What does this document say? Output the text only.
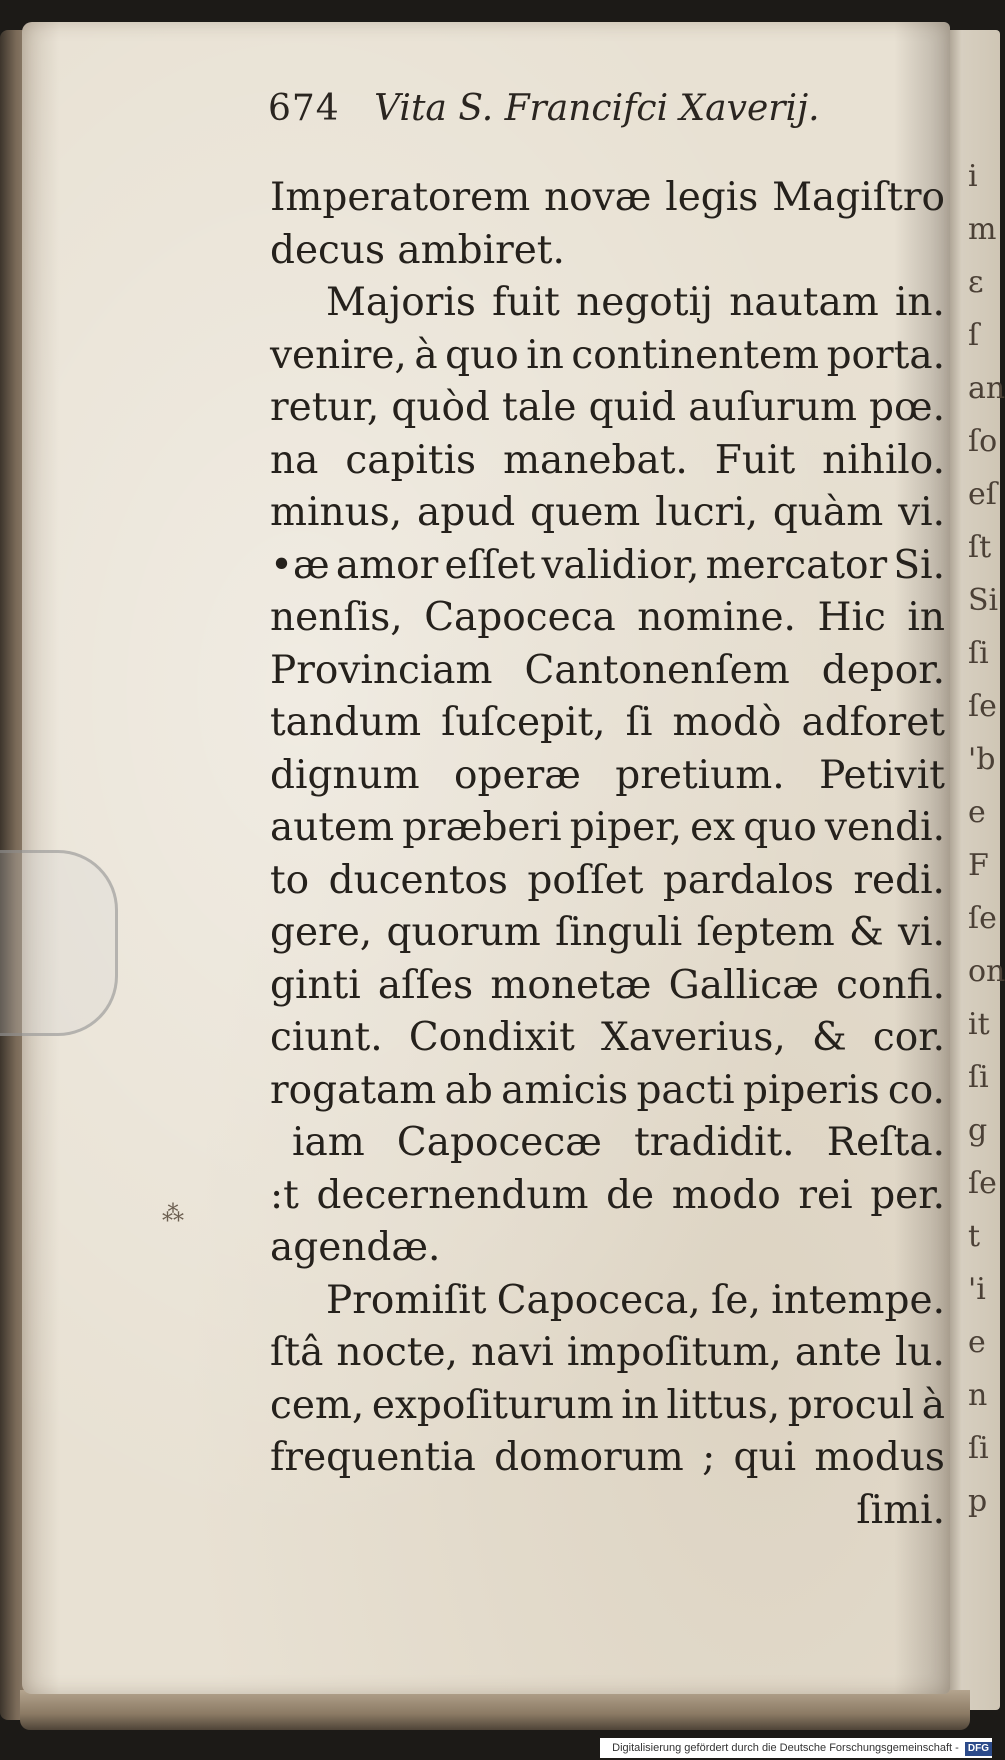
i
m
ε
ſ
an
ſo
eſ
ſt
Si
ſi
ſe
'b
e
F
ſe
on
it
ſi
g
ſe
t
'i
e
n
ſi
p
⁂
674 Vita S. Francifci Xaverij.
Imperatorem novæ legis Magiſtro
decus ambiret.
Majoris fuit negotij nautam in.
venire, à quo in continentem porta.
retur, quòd tale quid auſurum pœ.
na capitis manebat. Fuit nihilo.
minus, apud quem lucri, quàm vi.
•æ amor eſſet validior, mercator Si.
nenſis, Capoceca nomine. Hic in
Provinciam Cantonenſem depor.
tandum ſuſcepit, ſi modò adforet
dignum operæ pretium. Petivit
autem præberi piper, ex quo vendi.
to ducentos poſſet pardalos redi.
gere, quorum ſinguli ſeptem & vi.
ginti aſſes monetæ Gallicæ confi.
ciunt. Condixit Xaverius, & cor.
rogatam ab amicis pacti piperis co.
iam Capocecæ tradidit. Reſta.
:t decernendum de modo rei per.
agendæ.
Promiſit Capoceca, ſe, intempe.
ſtâ nocte, navi impoſitum, ante lu.
cem, expoſiturum in littus, procul à
frequentia domorum ; qui modus
ſimi.
Digitalisierung gefördert durch die Deutsche Forschungsgemeinschaft - DFG
